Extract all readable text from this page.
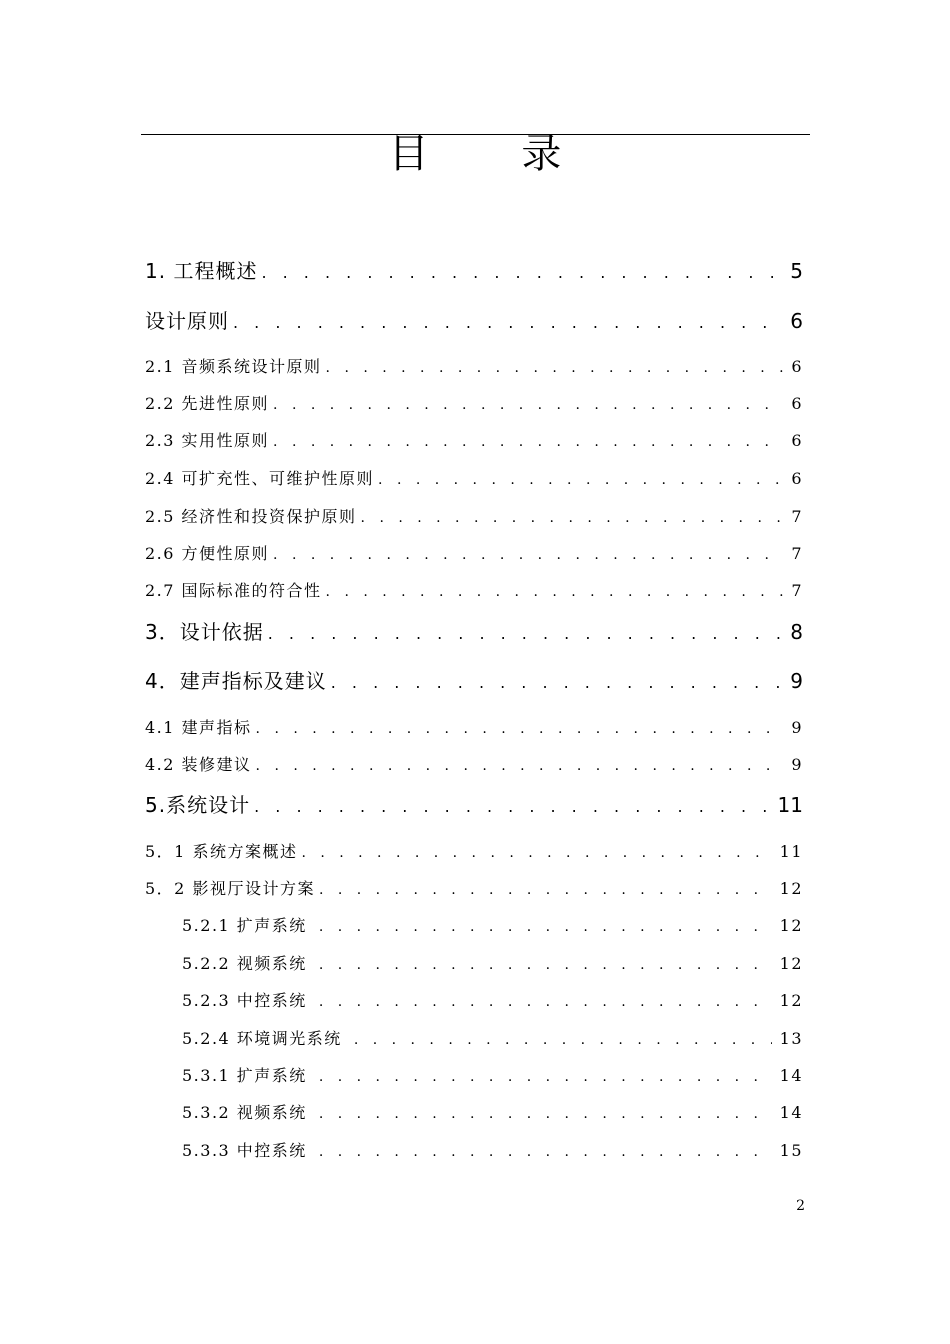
目 录
1. 工程概述 . . .	5
设计原则 . . .	6
2.1 音频系统设计原则 . . .	6
2.2 先进性原则 . . .	6
2.3 实用性原则 . . .	6
2.4 可扩充性、可维护性原则 . . .	6
2.5 经济性和投资保护原则 . . .	7
2.6 方便性原则 . . .	7
2.7 国际标准的符合性 . . .	7
3．设计依据 . . .	8
4．建声指标及建议 . . .	9
4.1 建声指标 . . .	9
4.2 装修建议 . . .	9
5.系统设计 . . .	11
5．1 系统方案概述 . . .	11
5．2 影视厅设计方案 . . .	12
5.2.1 扩声系统 . . .	12
5.2.2 视频系统 . . .	12
5.2.3 中控系统 . . .	12
5.2.4 环境调光系统 . . .	13
5.3.1 扩声系统 . . .	14
5.3.2 视频系统 . . .	14
5.3.3 中控系统 . . .	15
2
